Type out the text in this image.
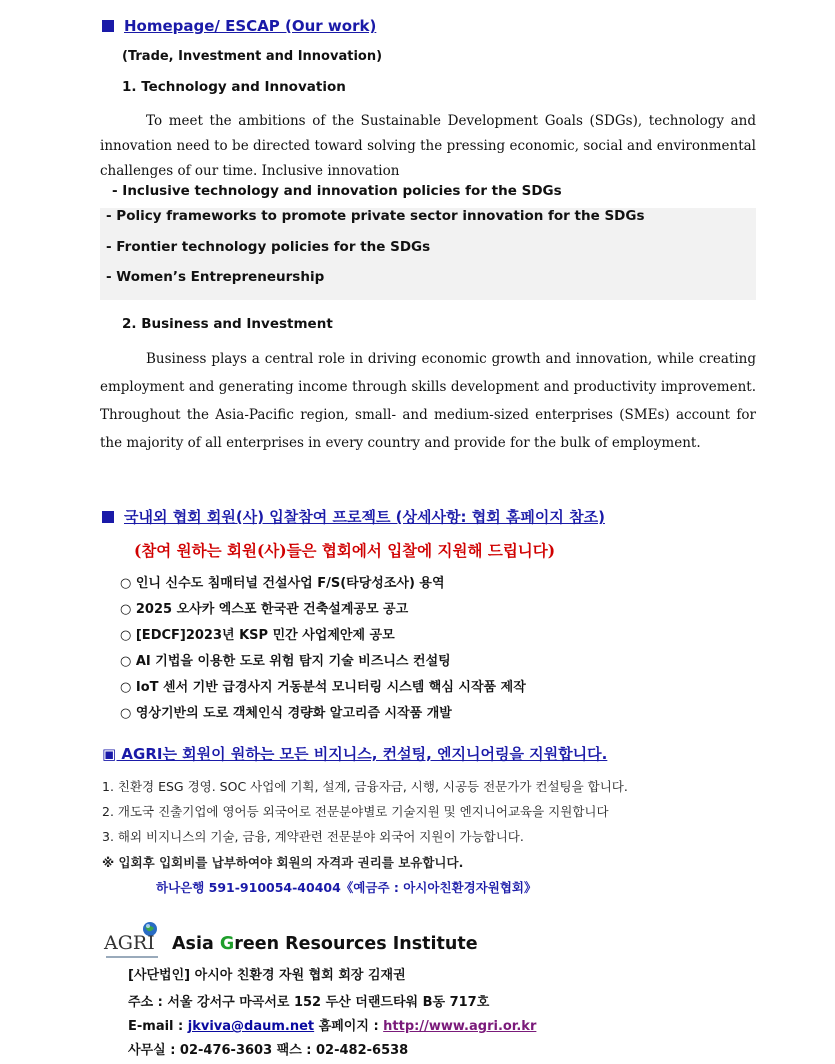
Homepage/ ESCAP (Our work)
(Trade, Investment and Innovation)
1. Technology and Innovation

To meet the ambitions of the Sustainable Development Goals (SDGs), technology and innovation need to be directed toward solving the pressing economic, social and environmental challenges of our time. Inclusive innovation

- Inclusive technology and innovation policies for the SDGs
- Policy frameworks to promote private sector innovation for the SDGs
- Frontier technology policies for the SDGs
- Women’s Entrepreneurship
2. Business and Investment

Business plays a central role in driving economic growth and innovation, while creating employment and generating income through skills development and productivity improvement. Throughout the Asia-Pacific region, small- and medium-sized enterprises (SMEs) account for the majority of all enterprises in every country and provide for the bulk of employment.

국내외 협회 회원(사) 입찰참여 프로젝트 (상세사항: 협회 홈페이지 참조)
(참여 원하는 회원(사)들은 협회에서 입찰에 지원해 드립니다)
○ 인니 신수도 침매터널 건설사업 F/S(타당성조사) 용역
○ 2025 오사카 엑스포 한국관 건축설계공모 공고
○ [EDCF]2023년 KSP 민간 사업제안제 공모
○ AI 기법을 이용한 도로 위험 탐지 기술 비즈니스 컨설팅
○ IoT 센서 기반 급경사지 거동분석 모니터링 시스템 핵심 시작품 제작
○ 영상기반의 도로 객체인식 경량화 알고리즘 시작품 개발
▣ AGRI는 회원이 원하는 모든 비지니스, 컨설팅, 엔지니어링을 지원합니다.
1. 친환경 ESG 경영. SOC 사업에 기획, 설계, 금융자금, 시행, 시공등 전문가가 컨설팅을 합니다.
2. 개도국 진출기업에 영어등 외국어로 전문분야별로 기술지원 및 엔지니어교육을 지원합니다
3. 해외 비지니스의 기술, 금융, 계약관련 전문분야 외국어 지원이 가능합니다.
※ 입회후 입회비를 납부하여야 회원의 자격과 권리를 보유합니다.
하나은행 591-910054-40404《예금주 : 아시아친환경자원협회》
AGRI Asia Green Resources Institute
[사단법인] 아시아 친환경 자원 협회 회장 김재권
주소 : 서울 강서구 마곡서로 152 두산 더랜드타워 B동 717호
E-mail : jkviva@daum.net 홈페이지 : http://www.agri.or.kr
사무실 : 02-476-3603 팩스 : 02-482-6538
